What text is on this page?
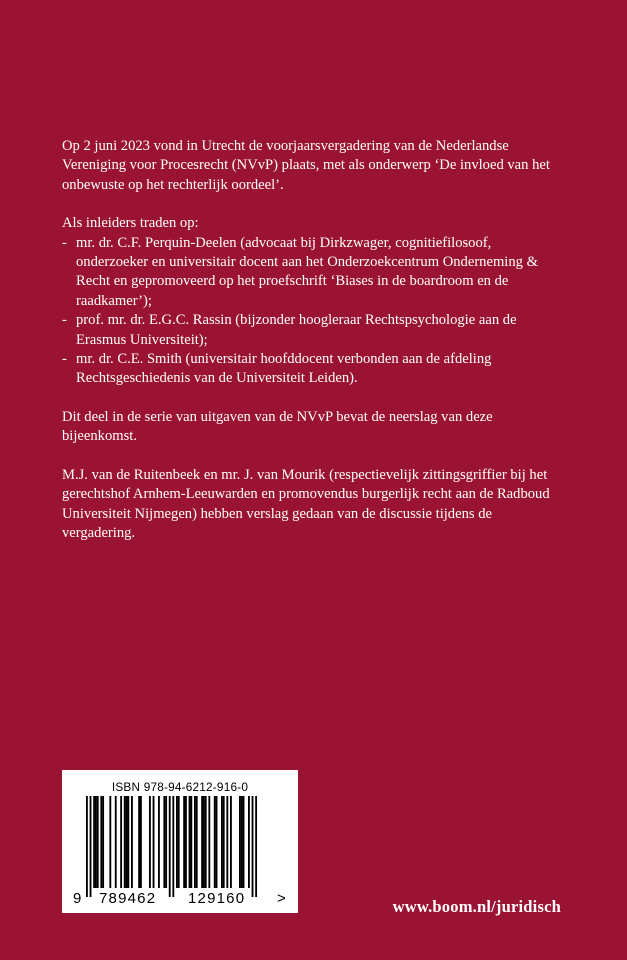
Op 2 juni 2023 vond in Utrecht de voorjaarsvergadering van de Nederlandse Vereniging voor Procesrecht (NVvP) plaats, met als onderwerp ‘De invloed van het onbewuste op het rechterlijk oordeel’.

Als inleiders traden op:
- mr. dr. C.F. Perquin-Deelen (advocaat bij Dirkzwager, cognitiefilosoof, onderzoeker en universitair docent aan het Onderzoekcentrum Onderneming & Recht en gepromoveerd op het proefschrift ‘Biases in de boardroom en de raadkamer’);
- prof. mr. dr. E.G.C. Rassin (bijzonder hoogleraar Rechtspsychologie aan de Erasmus Universiteit);
- mr. dr. C.E. Smith (universitair hoofddocent verbonden aan de afdeling Rechtsgeschiedenis van de Universiteit Leiden).

Dit deel in de serie van uitgaven van de NVvP bevat de neerslag van deze bijeenkomst.

M.J. van de Ruitenbeek en mr. J. van Mourik (respectievelijk zittingsgriffier bij het gerechtshof Arnhem-Leeuwarden en promovendus burgerlijk recht aan de Radboud Universiteit Nijmegen) hebben verslag gedaan van de discussie tijdens de vergadering.

ISBN 978-94-6212-916-0
9 789462 129160 >	www.boom.nl/juridisch
